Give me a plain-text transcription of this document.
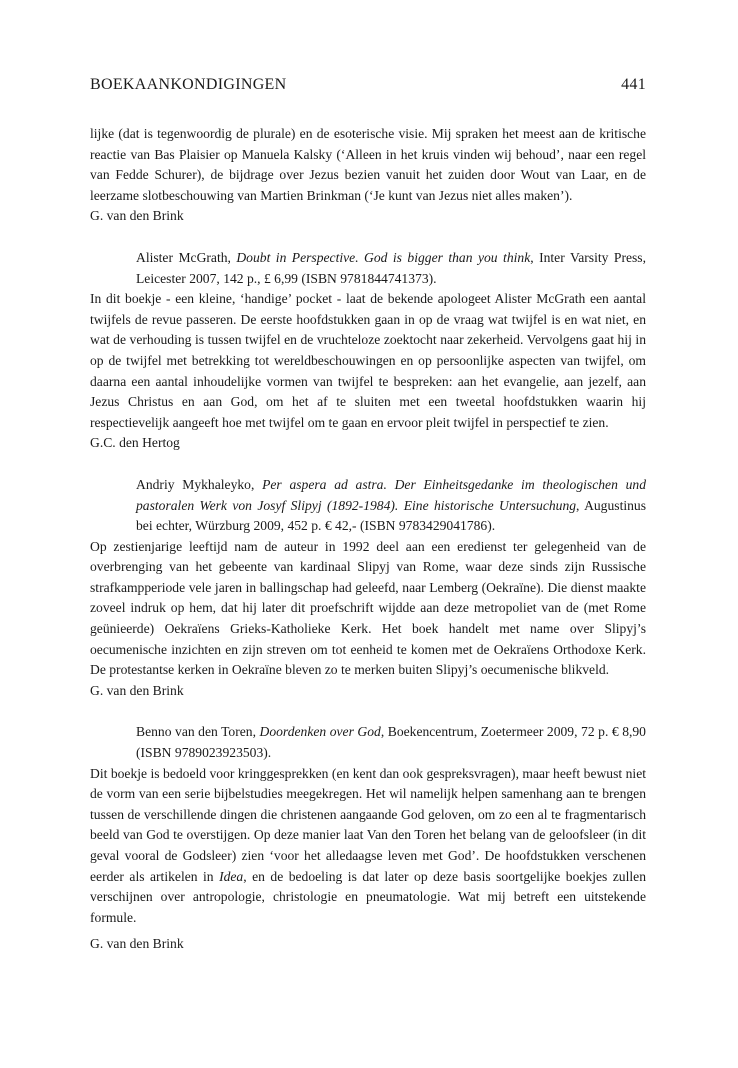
BOEKAANKONDIGINGEN	441

lijke (dat is tegenwoordig de plurale) en de esoterische visie. Mij spraken het meest aan de kritische reactie van Bas Plaisier op Manuela Kalsky (‘Alleen in het kruis vinden wij behoud’, naar een regel van Fedde Schurer), de bijdrage over Jezus bezien vanuit het zuiden door Wout van Laar, en de leerzame slotbeschouwing van Martien Brinkman (‘Je kunt van Jezus niet alles maken’).

G. van den Brink

Alister McGrath, Doubt in Perspective. God is bigger than you think, Inter Varsity Press, Leicester 2007, 142 p., £ 6,99 (ISBN 9781844741373).

In dit boekje - een kleine, ‘handige’ pocket - laat de bekende apologeet Alister McGrath een aantal twijfels de revue passeren. De eerste hoofdstukken gaan in op de vraag wat twijfel is en wat niet, en wat de verhouding is tussen twijfel en de vruchteloze zoektocht naar zekerheid. Vervolgens gaat hij in op de twijfel met betrekking tot wereldbeschouwingen en op persoonlijke aspecten van twijfel, om daarna een aantal inhoudelijke vormen van twijfel te bespreken: aan het evangelie, aan jezelf, aan Jezus Christus en aan God, om het af te sluiten met een tweetal hoofdstukken waarin hij respectievelijk aangeeft hoe met twijfel om te gaan en ervoor pleit twijfel in perspectief te zien.

G.C. den Hertog

Andriy Mykhaleyko, Per aspera ad astra. Der Einheitsgedanke im theologischen und pastoralen Werk von Josyf Slipyj (1892-1984). Eine historische Untersuchung, Augustinus bei echter, Würzburg 2009, 452 p. € 42,- (ISBN 9783429041786).

Op zestienjarige leeftijd nam de auteur in 1992 deel aan een eredienst ter gelegenheid van de overbrenging van het gebeente van kardinaal Slipyj van Rome, waar deze sinds zijn Russische strafkampperiode vele jaren in ballingschap had geleefd, naar Lemberg (Oekraïne). Die dienst maakte zoveel indruk op hem, dat hij later dit proefschrift wijdde aan deze metropoliet van de (met Rome geünieerde) Oekraïens Grieks-Katholieke Kerk. Het boek handelt met name over Slipyj’s oecumenische inzichten en zijn streven om tot eenheid te komen met de Oekraïens Orthodoxe Kerk. De protestantse kerken in Oekraïne bleven zo te merken buiten Slipyj’s oecumenische blikveld.

G. van den Brink

Benno van den Toren, Doordenken over God, Boekencentrum, Zoetermeer 2009, 72 p. € 8,90 (ISBN 9789023923503).

Dit boekje is bedoeld voor kringgesprekken (en kent dan ook gespreksvragen), maar heeft bewust niet de vorm van een serie bijbelstudies meegekregen. Het wil namelijk helpen samenhang aan te brengen tussen de verschillende dingen die christenen aangaande God geloven, om zo een al te fragmentarisch beeld van God te overstijgen. Op deze manier laat Van den Toren het belang van de geloofsleer (in dit geval vooral de Godsleer) zien ‘voor het alledaagse leven met God’. De hoofdstukken verschenen eerder als artikelen in Idea, en de bedoeling is dat later op deze basis soortgelijke boekjes zullen verschijnen over antropologie, christologie en pneumatologie. Wat mij betreft een uitstekende formule.

G. van den Brink
